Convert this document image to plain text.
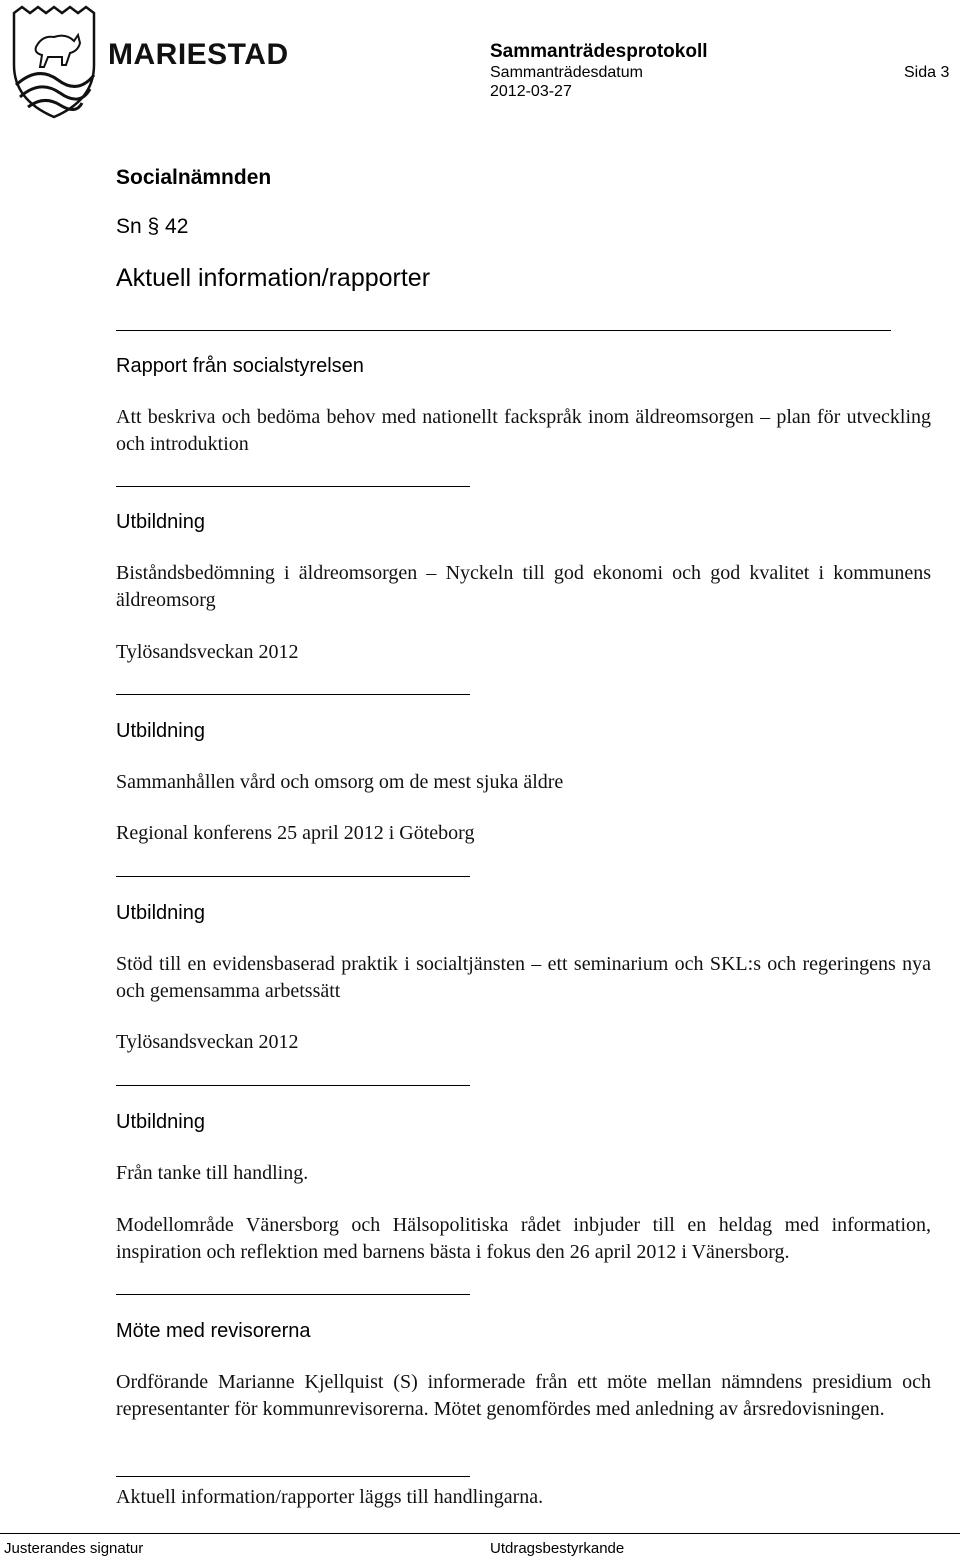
MARIESTAD	Sammanträdesprotokoll
Sammanträdesdatum	Sida 3
2012-03-27
Socialnämnden
Sn § 42
Aktuell information/rapporter
Rapport från socialstyrelsen
Att beskriva och bedöma behov med nationellt fackspråk inom äldreomsorgen – plan för utveckling och introduktion
Utbildning
Biståndsbedömning i äldreomsorgen – Nyckeln till god ekonomi och god kvalitet i kommunens äldreomsorg
Tylösandsveckan 2012
Utbildning
Sammanhållen vård och omsorg om de mest sjuka äldre
Regional konferens 25 april 2012 i Göteborg
Utbildning
Stöd till en evidensbaserad praktik i socialtjänsten – ett seminarium och SKL:s och regeringens nya och gemensamma arbetssätt
Tylösandsveckan 2012
Utbildning
Från tanke till handling.
Modellområde Vänersborg och Hälsopolitiska rådet inbjuder till en heldag med information, inspiration och reflektion med barnens bästa i fokus den 26 april 2012 i Vänersborg.
Möte med revisorerna
Ordförande Marianne Kjellquist (S) informerade från ett möte mellan nämndens presidium och representanter för kommunrevisorerna. Mötet genomfördes med anledning av årsredovisningen.
Aktuell information/rapporter läggs till handlingarna.
Justerandes signatur	Utdragsbestyrkande
